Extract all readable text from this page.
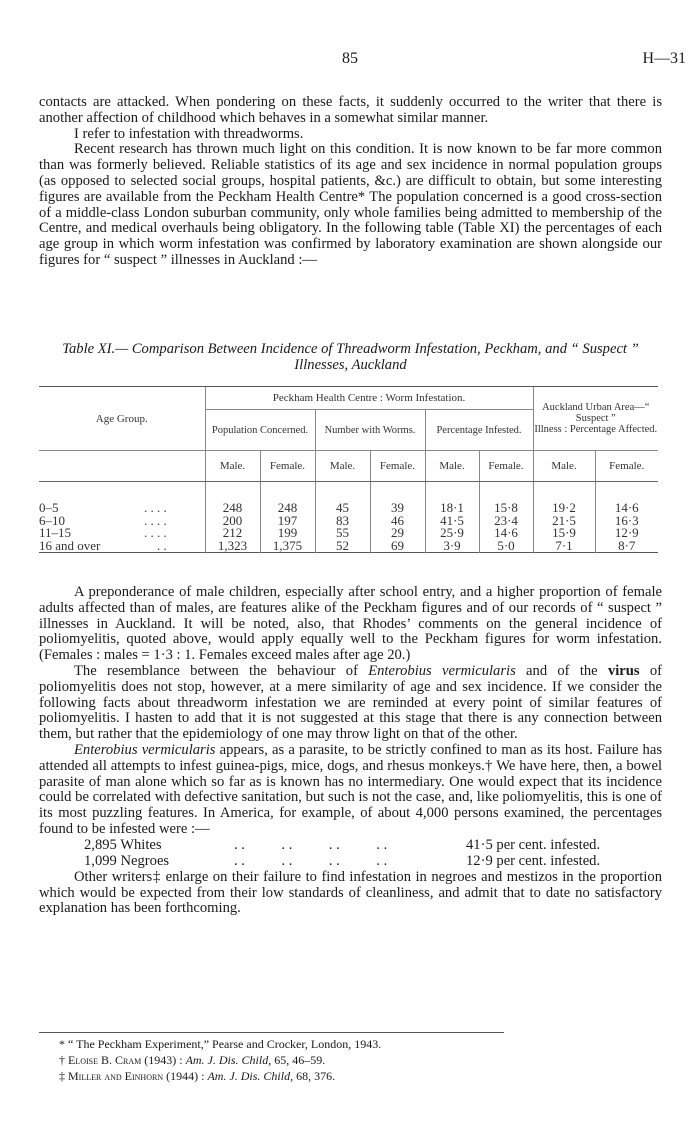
85	H—31

contacts are attacked. When pondering on these facts, it suddenly occurred to the writer that there is another affection of childhood which behaves in a somewhat similar manner.

I refer to infestation with threadworms.

Recent research has thrown much light on this condition. It is now known to be far more common than was formerly believed. Reliable statistics of its age and sex incidence in normal population groups (as opposed to selected social groups, hospital patients, &c.) are difficult to obtain, but some interesting figures are available from the Peckham Health Centre* The population concerned is a good cross-section of a middle-class London suburban community, only whole families being admitted to membership of the Centre, and medical overhauls being obligatory. In the following table (Table XI) the percentages of each age group in which worm infestation was confirmed by laboratory examination are shown alongside our figures for “ suspect ” illnesses in Auckland :—

Table XI.— Comparison Between Incidence of Threadworm Infestation, Peckham, and “ Suspect ” Illnesses, Auckland
Age Group.	Peckham Health Centre : Worm Infestation.						Auckland Urban Area—“ Suspect ”
Illness : Percentage Affected.	

	Population Concerned.		Number with Worms.		Percentage Infested.			
	Male.	Female.	Male.	Female.	Male.	Female.	Male.	Female.
0–5 . . . .	248	248	45	39	18·1	15·8	19·2	14·6
6–10 . . . .	200	197	83	46	41·5	23·4	21·5	16·3
11–15 . . . .	212	199	55	29	25·9	14·6	15·9	12·9
16 and over . .	1,323	1,375	52	69	3·9	5·0	7·1	8·7

A preponderance of male children, especially after school entry, and a higher proportion of female adults affected than of males, are features alike of the Peckham figures and of our records of “ suspect ” illnesses in Auckland. It will be noted, also, that Rhodes’ comments on the general incidence of poliomyelitis, quoted above, would apply equally well to the Peckham figures for worm infestation. (Females : males = 1·3 : 1. Females exceed males after age 20.)

The resemblance between the behaviour of Enterobius vermicularis and of the virus of poliomyelitis does not stop, however, at a mere similarity of age and sex incidence. If we consider the following facts about threadworm infestation we are reminded at every point of similar features of poliomyelitis. I hasten to add that it is not suggested at this stage that there is any connection between them, but rather that the epidemiology of one may throw light on that of the other.

Enterobius vermicularis appears, as a parasite, to be strictly confined to man as its host. Failure has attended all attempts to infest guinea-pigs, mice, dogs, and rhesus monkeys.† We have here, then, a bowel parasite of man alone which so far as is known has no intermediary. One would expect that its incidence could be correlated with defective sanitation, but such is not the case, and, like poliomyelitis, this is one of its most puzzling features. In America, for example, of about 4,000 persons examined, the percentages found to be infested were :—

2,895 Whites	. .          . .          . .          . .	41·5 per cent. infested.
1,099 Negroes	. .          . .          . .          . .	12·9 per cent. infested.

Other writers‡ enlarge on their failure to find infestation in negroes and mestizos in the proportion which would be expected from their low standards of cleanliness, and admit that to date no satisfactory explanation has been forthcoming.

* “ The Peckham Experiment,” Pearse and Crocker, London, 1943.

† Eloise B. Cram (1943) : Am. J. Dis. Child, 65, 46–59.

‡ Miller and Einhorn (1944) : Am. J. Dis. Child, 68, 376.
